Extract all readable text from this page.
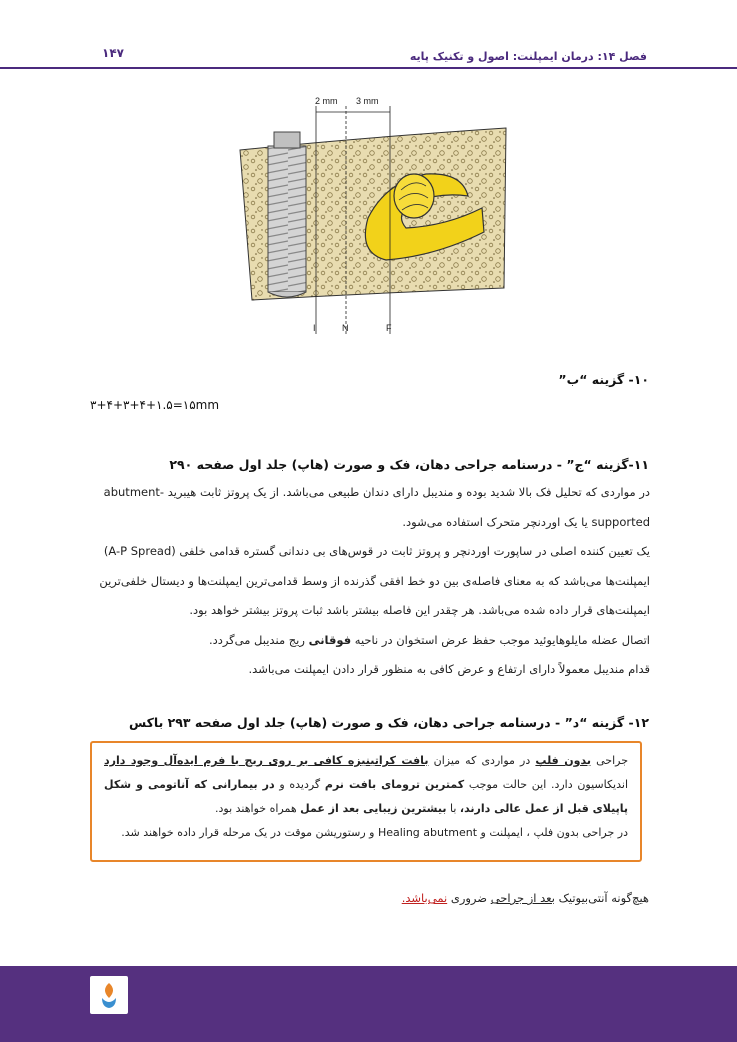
فصل ۱۴: درمان ایمپلنت: اصول و تکنیک پایه
۱۴۷
2 mm 3 mm
I	N	F
۱۰- گزینه “ب”
۳+۴+۳+۴+۱.۵=۱۵mm
۱۱-گزینه “ج” - درسنامه جراحی دهان، فک و صورت (هاپ) جلد اول صفحه ۲۹۰

در مواردی که تحلیل فک بالا شدید بوده و مندیبل دارای دندان طبیعی می‌باشد. از یک پروتز ثابت هیبرید -abutment

supported یا یک اوردنچر متحرک استفاده می‌شود.

یک تعیین کننده اصلی در ساپورت اوردنچر و پروتز ثابت در قوس‌های بی دندانی گستره قدامی خلفی (A-P Spread)

ایمپلنت‌ها می‌باشد که به معنای فاصله‌ی بین دو خط افقی گذرنده از وسط قدامی‌ترین ایمپلنت‌ها و دیستال خلفی‌ترین

ایمپلنت‌های قرار داده شده می‌باشد. هر چقدر این فاصله بیشتر باشد ثبات پروتز بیشتر خواهد بود.

اتصال عضله مایلوهایوئید موجب حفظ عرض استخوان در ناحیه فوقانی ریج مندیبل می‌گردد.

قدام مندیبل معمولاً دارای ارتفاع و عرض کافی به منظور قرار دادن ایمپلنت می‌باشد.

۱۲- گزینه “د” - درسنامه جراحی دهان، فک و صورت (هاپ) جلد اول صفحه ۲۹۳ باکس

جراحی بدون فلپ در مواردی که میزان بافت کراتینیزه کافی بر روی ریج با فرم ایده‌آل وجود دارد اندیکاسیون دارد. این حالت موجب کمترین ترومای بافت نرم گردیده و در بیمارانی که آناتومی و شکل پاپیلای قبل از عمل عالی دارند، با بیشترین زیبایی بعد از عمل همراه خواهند بود.

در جراحی بدون فلپ ، ایمپلنت و Healing abutment و رستوریشن موقت در یک مرحله قرار داده خواهند شد.

هیچ‌گونه آنتی‌بیوتیک بعد از جراحی ضروری نمی‌باشد.
